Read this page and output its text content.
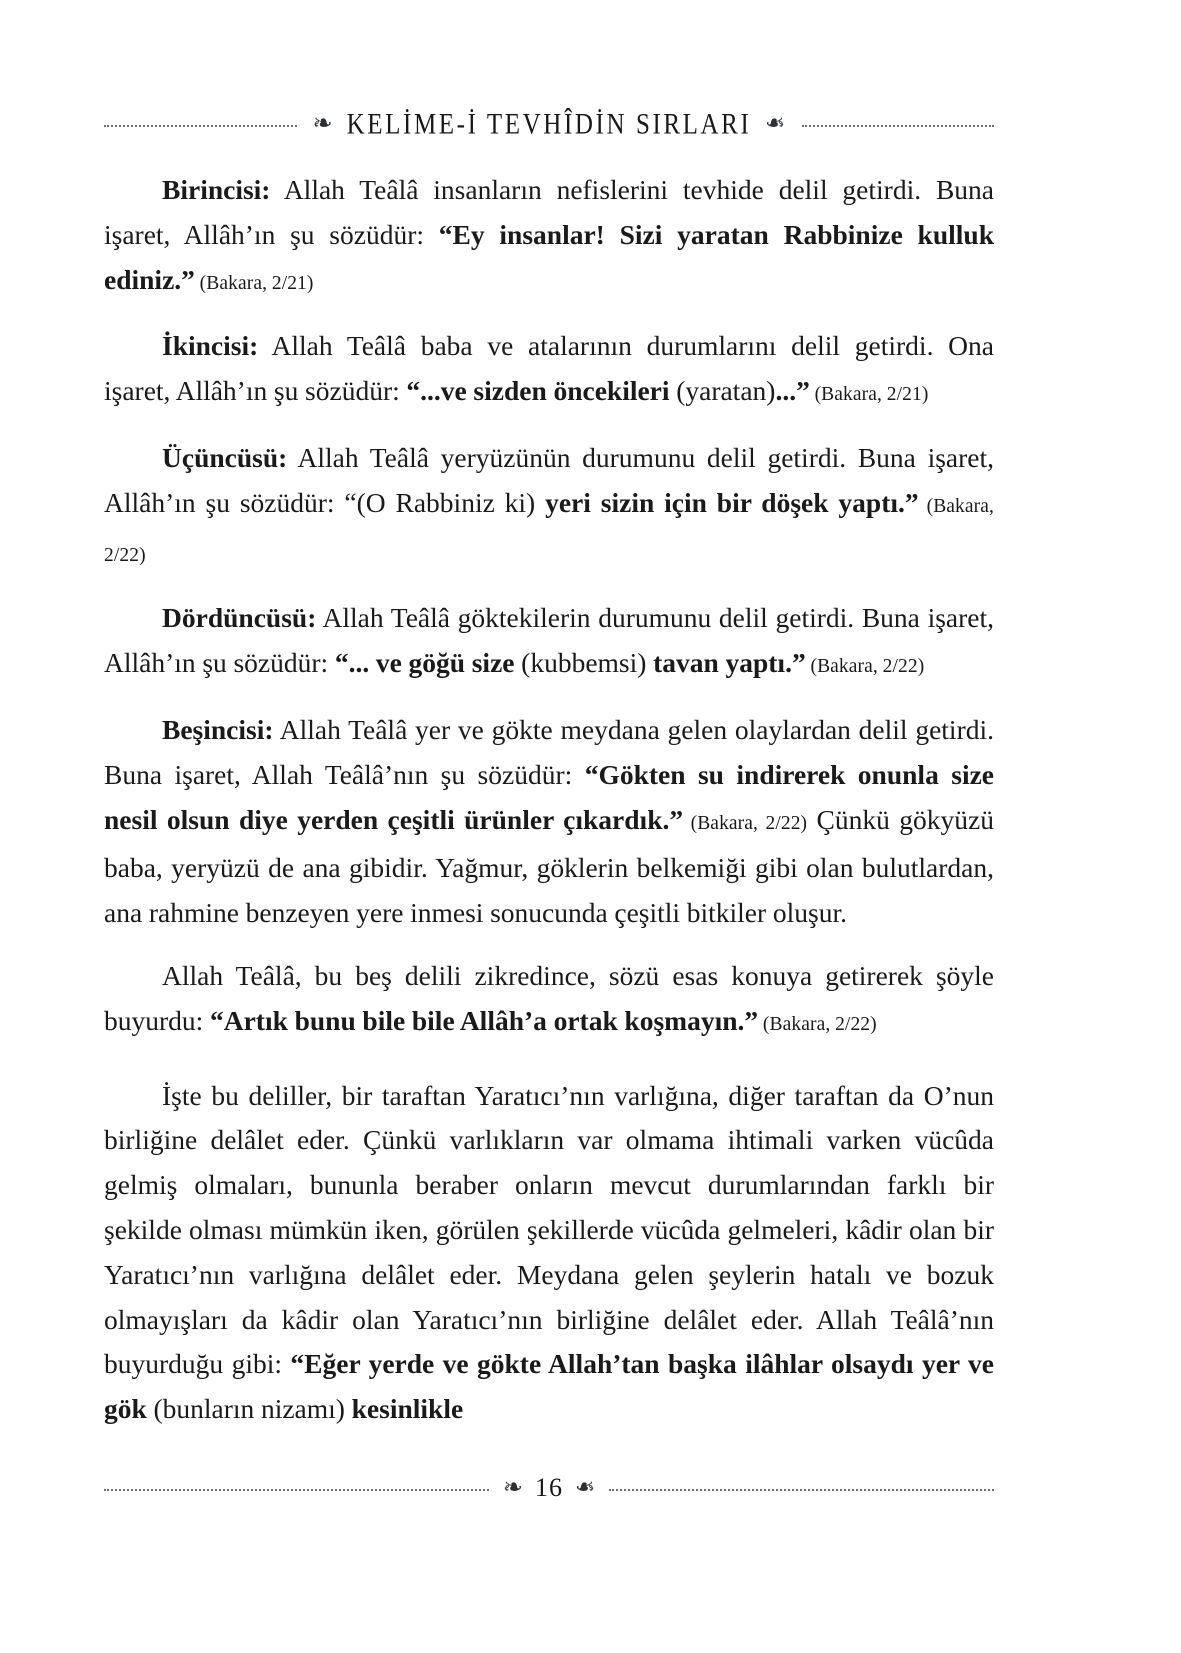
❧ KELİME-İ TEVHÎDİN SIRLARI ❧

Birincisi: Allah Teâlâ insanların nefislerini tevhide delil getirdi. Buna işaret, Allâh’ın şu sözüdür: “Ey insanlar! Sizi yaratan Rabbinize kulluk ediniz.” (Bakara, 2/21)

İkincisi: Allah Teâlâ baba ve atalarının durumlarını delil getirdi. Ona işaret, Allâh’ın şu sözüdür: “...ve sizden öncekileri (yaratan)...” (Bakara, 2/21)

Üçüncüsü: Allah Teâlâ yeryüzünün durumunu delil getirdi. Buna işaret, Allâh’ın şu sözüdür: “(O Rabbiniz ki) yeri sizin için bir döşek yaptı.” (Bakara, 2/22)

Dördüncüsü: Allah Teâlâ göktekilerin durumunu delil getirdi. Buna işaret, Allâh’ın şu sözüdür: “... ve göğü size (kubbemsi) tavan yaptı.” (Bakara, 2/22)

Beşincisi: Allah Teâlâ yer ve gökte meydana gelen olaylardan delil getirdi. Buna işaret, Allah Teâlâ’nın şu sözüdür: “Gökten su indirerek onunla size nesil olsun diye yerden çeşitli ürünler çıkardık.” (Bakara, 2/22) Çünkü gökyüzü baba, yeryüzü de ana gibidir. Yağmur, göklerin belkemiği gibi olan bulutlardan, ana rahmine benzeyen yere inmesi sonucunda çeşitli bitkiler oluşur.

Allah Teâlâ, bu beş delili zikredince, sözü esas konuya getirerek şöyle buyurdu: “Artık bunu bile bile Allâh’a ortak koşmayın.” (Bakara, 2/22)

İşte bu deliller, bir taraftan Yaratıcı’nın varlığına, diğer taraftan da O’nun birliğine delâlet eder. Çünkü varlıkların var olmama ihtimali varken vücûda gelmiş olmaları, bununla beraber onların mevcut durumlarından farklı bir şekilde olması mümkün iken, görülen şekillerde vücûda gelmeleri, kâdir olan bir Yaratıcı’nın varlığına delâlet eder. Meydana gelen şeylerin hatalı ve bozuk olmayışları da kâdir olan Yaratıcı’nın birliğine delâlet eder. Allah Teâlâ’nın buyurduğu gibi: “Eğer yerde ve gökte Allah’tan başka ilâhlar olsaydı yer ve gök (bunların nizamı) kesinlikle

❧ 16 ❧
